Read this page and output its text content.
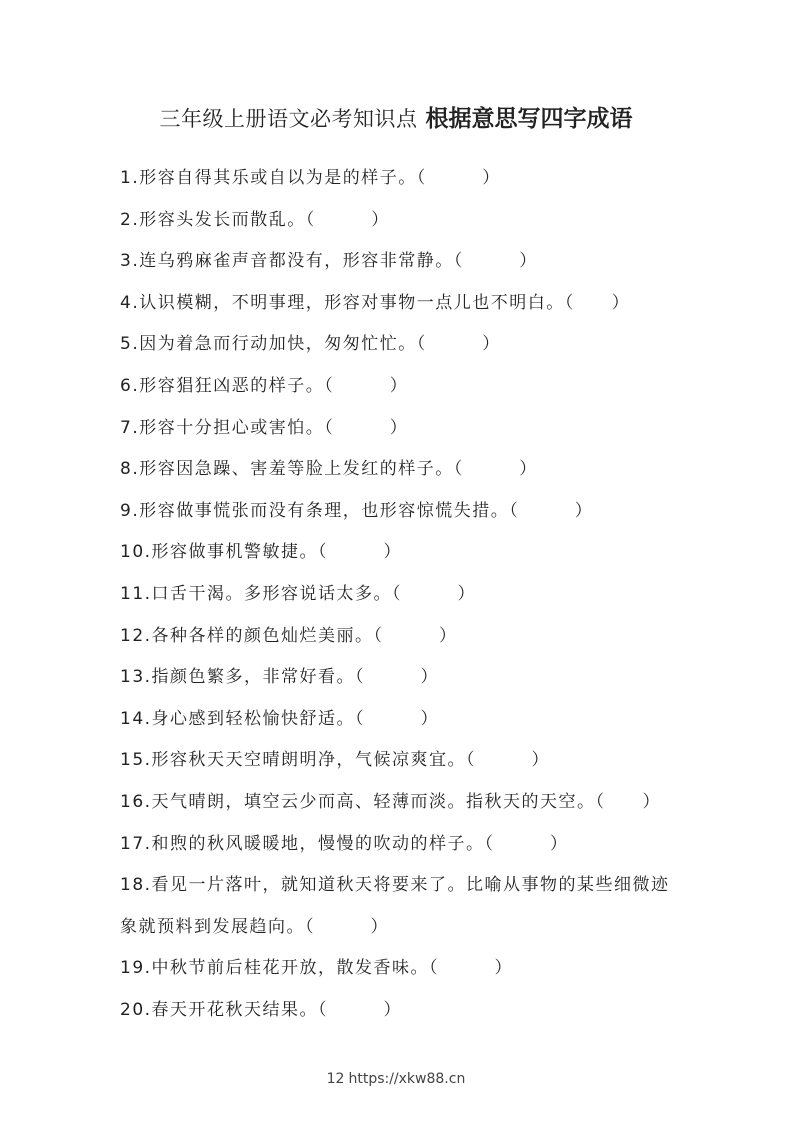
三年级上册语文必考知识点 根据意思写四字成语
1.形容自得其乐或自以为是的样子。（　　　）
2.形容头发长而散乱。（　　　）
3.连乌鸦麻雀声音都没有，形容非常静。（　　　）
4.认识模糊，不明事理，形容对事物一点儿也不明白。（　　）
5.因为着急而行动加快，匆匆忙忙。（　　　）
6.形容猖狂凶恶的样子。（　　　）
7.形容十分担心或害怕。（　　　）
8.形容因急躁、害羞等脸上发红的样子。（　　　）
9.形容做事慌张而没有条理，也形容惊慌失措。（　　　）
10.形容做事机警敏捷。（　　　）
11.口舌干渴。多形容说话太多。（　　　）
12.各种各样的颜色灿烂美丽。（　　　）
13.指颜色繁多，非常好看。（　　　）
14.身心感到轻松愉快舒适。（　　　）
15.形容秋天天空晴朗明净，气候凉爽宜。（　　　）
16.天气晴朗，填空云少而高、轻薄而淡。指秋天的天空。（　　）
17.和煦的秋风暖暖地，慢慢的吹动的样子。（　　　）
18.看见一片落叶，就知道秋天将要来了。比喻从事物的某些细微迹象就预料到发展趋向。（　　　）
19.中秋节前后桂花开放，散发香味。（　　　）
20.春天开花秋天结果。（　　　）
12 https://xkw88.cn
